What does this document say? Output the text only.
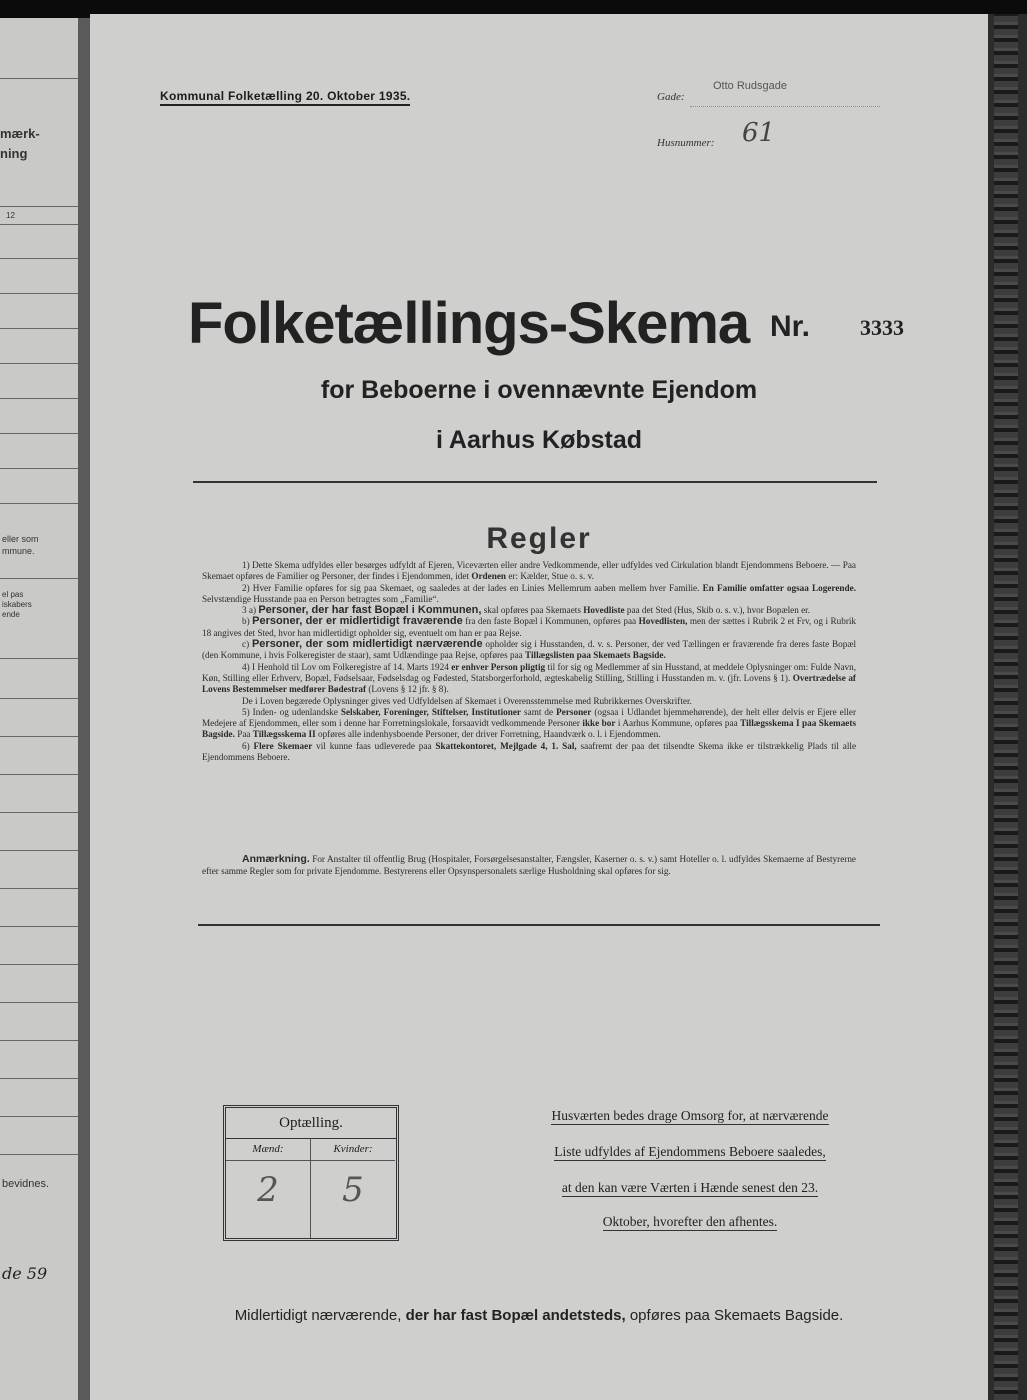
mærk-
ning
12
eller som
mmune.
el pas
iskabers
ende
bevidnes.
de 59
Kommunal Folketælling 20. Oktober 1935.	Gade:
Otto Rudsgade
Husnummer: 61
Folketællings-Skema Nr. 3333
for Beboerne i ovennævnte Ejendom
i Aarhus Købstad
Regler

1) Dette Skema udfyldes eller besørges udfyldt af Ejeren, Viceværten eller andre Vedkommende, eller udfyldes ved Cirkulation blandt Ejendommens Beboere. — Paa Skemaet opføres de Familier og Personer, der findes i Ejendommen, idet Ordenen er: Kælder, Stue o. s. v.

2) Hver Familie opføres for sig paa Skemaet, og saaledes at der lades en Linies Mellemrum aaben mellem hver Familie. En Familie omfatter ogsaa Logerende. Selvstændige Husstande paa en Person betragtes som „Familie“.

3 a) Personer, der har fast Bopæl i Kommunen, skal opføres paa Skemaets Hovedliste paa det Sted (Hus, Skib o. s. v.), hvor Bopælen er.

b) Personer, der er midlertidigt fraværende fra den faste Bopæl i Kommunen, opføres paa Hovedlisten, men der sættes i Rubrik 2 et Frv, og i Rubrik 18 angives det Sted, hvor han midlertidigt opholder sig, eventuelt om han er paa Rejse.

c) Personer, der som midlertidigt nærværende opholder sig i Husstanden, d. v. s. Personer, der ved Tællingen er fraværende fra deres faste Bopæl (den Kommune, i hvis Folkeregister de staar), samt Udlændinge paa Rejse, opføres paa Tillægslisten paa Skemaets Bagside.

4) I Henhold til Lov om Folkeregistre af 14. Marts 1924 er enhver Person pligtig til for sig og Medlemmer af sin Husstand, at meddele Oplysninger om: Fulde Navn, Køn, Stilling eller Erhverv, Bopæl, Fødselsaar, Fødselsdag og Fødested, Statsborgerforhold, ægteskabelig Stilling, Stilling i Husstanden m. v. (jfr. Lovens § 1). Overtrædelse af Lovens Bestemmelser medfører Bødestraf (Lovens § 12 jfr. § 8).

De i Loven begærede Oplysninger gives ved Udfyldelsen af Skemaet i Overensstemmelse med Rubrikkernes Overskrifter.

5) Inden- og udenlandske Selskaber, Foreninger, Stiftelser, Institutioner samt de Personer (ogsaa i Udlandet hjemmehørende), der helt eller delvis er Ejere eller Medejere af Ejendommen, eller som i denne har Forretningslokale, forsaavidt vedkommende Personer ikke bor i Aarhus Kommune, opføres paa Tillægsskema I paa Skemaets Bagside. Paa Tillægsskema II opføres alle indenhysboende Personer, der driver Forretning, Haandværk o. l. i Ejendommen.

6) Flere Skemaer vil kunne faas udleverede paa Skattekontoret, Mejlgade 4, 1. Sal, saafremt der paa det tilsendte Skema ikke er tilstrækkelig Plads til alle Ejendommens Beboere.

Anmærkning. For Anstalter til offentlig Brug (Hospitaler, Forsørgelsesanstalter, Fængsler, Kaserner o. s. v.) samt Hoteller o. l. udfyldes Skemaerne af Bestyrerne efter samme Regler som for private Ejendomme. Bestyrerens eller Opsynspersonalets særlige Husholdning skal opføres for sig.

Optælling.
Mænd:	Kvinder:
2	5
Husværten bedes drage Omsorg for, at nærværende
Liste udfyldes af Ejendommens Beboere saaledes,
at den kan være Værten i Hænde senest den 23.
Oktober, hvorefter den afhentes.
Midlertidigt nærværende, der har fast Bopæl andetsteds, opføres paa Skemaets Bagside.
